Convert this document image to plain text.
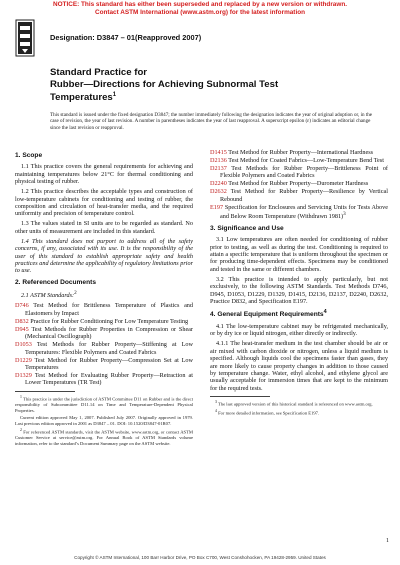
NOTICE: This standard has either been superseded and replaced by a new version or withdrawn.
Contact ASTM International (www.astm.org) for the latest information
Designation: D3847 – 01(Reapproved 2007)
Standard Practice for
Rubber—Directions for Achieving Subnormal Test
Temperatures$^1$
This standard is issued under the fixed designation D3847; the number immediately following the designation indicates the year of original adoption or, in the case of revision, the year of last revision. A number in parentheses indicates the year of last reapproval. A superscript epsilon (ε) indicates an editorial change since the last revision or reapproval.

1. Scope

1.1 This practice covers the general requirements for achieving and maintaining temperatures below 21°C for thermal conditioning and physical testing of rubber.

1.2 This practice describes the acceptable types and construction of low-temperature cabinets for conditioning and testing of rubber, the composition and circulation of heat-transfer media, and the required uniformity and precision of temperature control.

1.3 The values stated in SI units are to be regarded as standard. No other units of measurement are included in this standard.

1.4 This standard does not purport to address all of the safety concerns, if any, associated with its use. It is the responsibility of the user of this standard to establish appropriate safety and health practices and determine the applicability of regulatory limitations prior to use.

2. Referenced Documents

2.1 ASTM Standards:$^2$

D746 Test Method for Brittleness Temperature of Plastics and Elastomers by Impact
D832 Practice for Rubber Conditioning For Low Temperature Testing
D945 Test Methods for Rubber Properties in Compression or Shear (Mechanical Oscillograph)
D1053 Test Methods for Rubber Property—Stiffening at Low Temperatures: Flexible Polymers and Coated Fabrics
D1229 Test Method for Rubber Property—Compression Set at Low Temperatures
D1329 Test Method for Evaluating Rubber Property—Retraction at Lower Temperatures (TR Test)

$^1$ This practice is under the jurisdiction of ASTM Committee D11 on Rubber and is the direct responsibility of Subcommittee D11.14 on Time and Temperature-Dependent Physical Properties.

Current edition approved May 1, 2007. Published July 2007. Originally approved in 1979. Last previous edition approved in 2001 as D3847 – 01. DOI: 10.1520/D3847-01R07.

$^2$ For referenced ASTM standards, visit the ASTM website, www.astm.org, or contact ASTM Customer Service at service@astm.org. For Annual Book of ASTM Standards volume information, refer to the standard’s Document Summary page on the ASTM website.

D1415 Test Method for Rubber Property—International Hardness
D2136 Test Method for Coated Fabrics—Low-Temperature Bend Test
D2137 Test Methods for Rubber Property—Brittleness Point of Flexible Polymers and Coated Fabrics
D2240 Test Method for Rubber Property—Durometer Hardness
D2632 Test Method for Rubber Property—Resilience by Vertical Rebound
E197 Specification for Enclosures and Servicing Units for Tests Above and Below Room Temperature (Withdrawn 1981)$^3$

3. Significance and Use

3.1 Low temperatures are often needed for conditioning of rubber prior to testing, as well as during the test. Conditioning is required to attain a specific temperature that is uniform throughout the specimen or for producing time-dependent effects. Specimens may be conditioned and tested in the same or different chambers.

3.2 This practice is intended to apply particularly, but not exclusively, to the following ASTM Standards. Test Methods D746, D945, D1053, D1229, D1329, D1415, D2136, D2137, D2240, D2632, Practice D832, and Specification E197.

4. General Equipment Requirements$^4$

4.1 The low-temperature cabinet may be refrigerated mechanically, or by dry ice or liquid nitrogen, either directly or indirectly.

4.1.1 The heat-transfer medium in the test chamber should be air or air mixed with carbon dioxide or nitrogen, unless a liquid medium is specified. Although liquids cool the specimens faster than gases, they are more likely to cause property changes in addition to those caused by temperature change. Water, ethyl alcohol, and ethylene glycol are usually acceptable for immersion times that are kept to the minimum for the required tests.

$^3$ The last approved version of this historical standard is referenced on www.astm.org.

$^4$ For more detailed information, see Specification E197.

1
Copyright © ASTM International, 100 Barr Harbor Drive, PO Box C700, West Conshohocken, PA 19428-2959. United States
